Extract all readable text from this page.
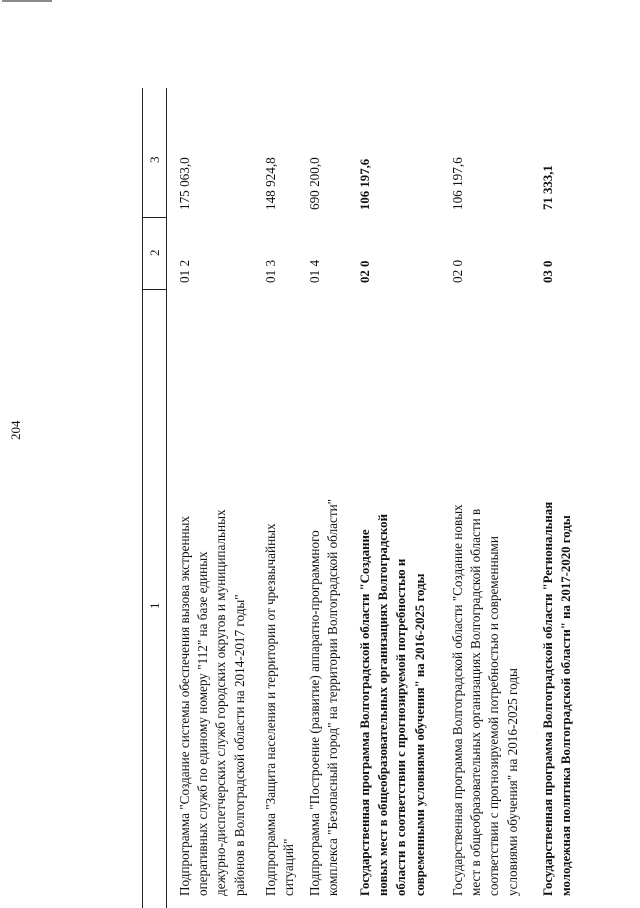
204
1
2
3
Подпрограмма "Создание системы обеспечения вызова экстренных оперативных служб по единому номеру "112" на базе единых дежурно-диспетчерских служб городских округов и муниципальных районов в Волгоградской области на 2014-2017 годы"
01 2
175 063,0
Подпрограмма "Защита населения и территории от чрезвычайных ситуаций"
01 3
148 924,8
Подпрограмма "Построение (развитие) аппаратно-программного комплекса "Безопасный город" на территории Волгоградской области"
01 4
690 200,0
Государственная программа Волгоградской области "Создание новых мест в общеобразовательных организациях Волгоградской области в соответствии с прогнозируемой потребностью и современными условиями обучения" на 2016-2025 годы
02 0
106 197,6
Государственная программа Волгоградской области "Создание новых мест в общеобразовательных организациях Волгоградской области в соответствии с прогнозируемой потребностью и современными условиями обучения" на 2016-2025 годы
02 0
106 197,6
Государственная программа Волгоградской области "Региональная молодежная политика Волгоградской области" на 2017-2020 годы
03 0
71 333,1
